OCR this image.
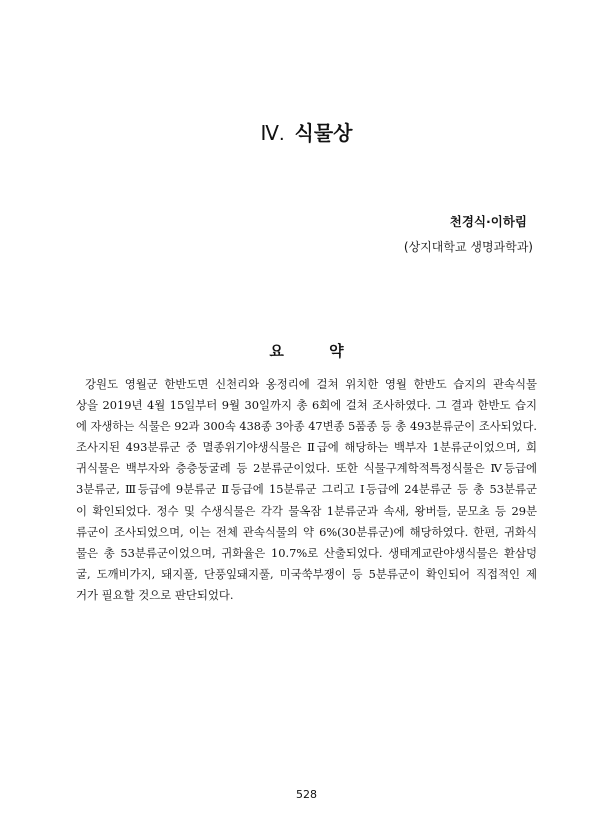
Ⅳ. 식물상
천경식·이하림
(상지대학교 생명과학과)
요 약
강원도 영월군 한반도면 신천리와 옹정리에 걸쳐 위치한 영월 한반도 습지의 관속식물
상을 2019년 4월 15일부터 9월 30일까지 총 6회에 걸쳐 조사하였다. 그 결과 한반도 습지
에 자생하는 식물은 92과 300속 438종 3아종 47변종 5품종 등 총 493분류군이 조사되었다.
조사지된 493분류군 중 멸종위기야생식물은 Ⅱ급에 해당하는 백부자 1분류군이었으며, 희
귀식물은 백부자와 층층둥굴레 등 2분류군이었다. 또한 식물구계학적특정식물은 Ⅳ등급에
3분류군, Ⅲ등급에 9분류군 Ⅱ등급에 15분류군 그리고 Ⅰ등급에 24분류군 등 총 53분류군
이 확인되었다. 정수 및 수생식물은 각각 물옥잠 1분류군과 속새, 왕버들, 문모초 등 29분
류군이 조사되었으며, 이는 전체 관속식물의 약 6%(30분류군)에 해당하였다. 한편, 귀화식
물은 총 53분류군이었으며, 귀화율은 10.7%로 산출되었다. 생태계교란야생식물은 환삼덩
굴, 도깨비가지, 돼지풀, 단풍잎돼지풀, 미국쑥부쟁이 등 5분류군이 확인되어 직접적인 제
거가 필요할 것으로 판단되었다.
528
